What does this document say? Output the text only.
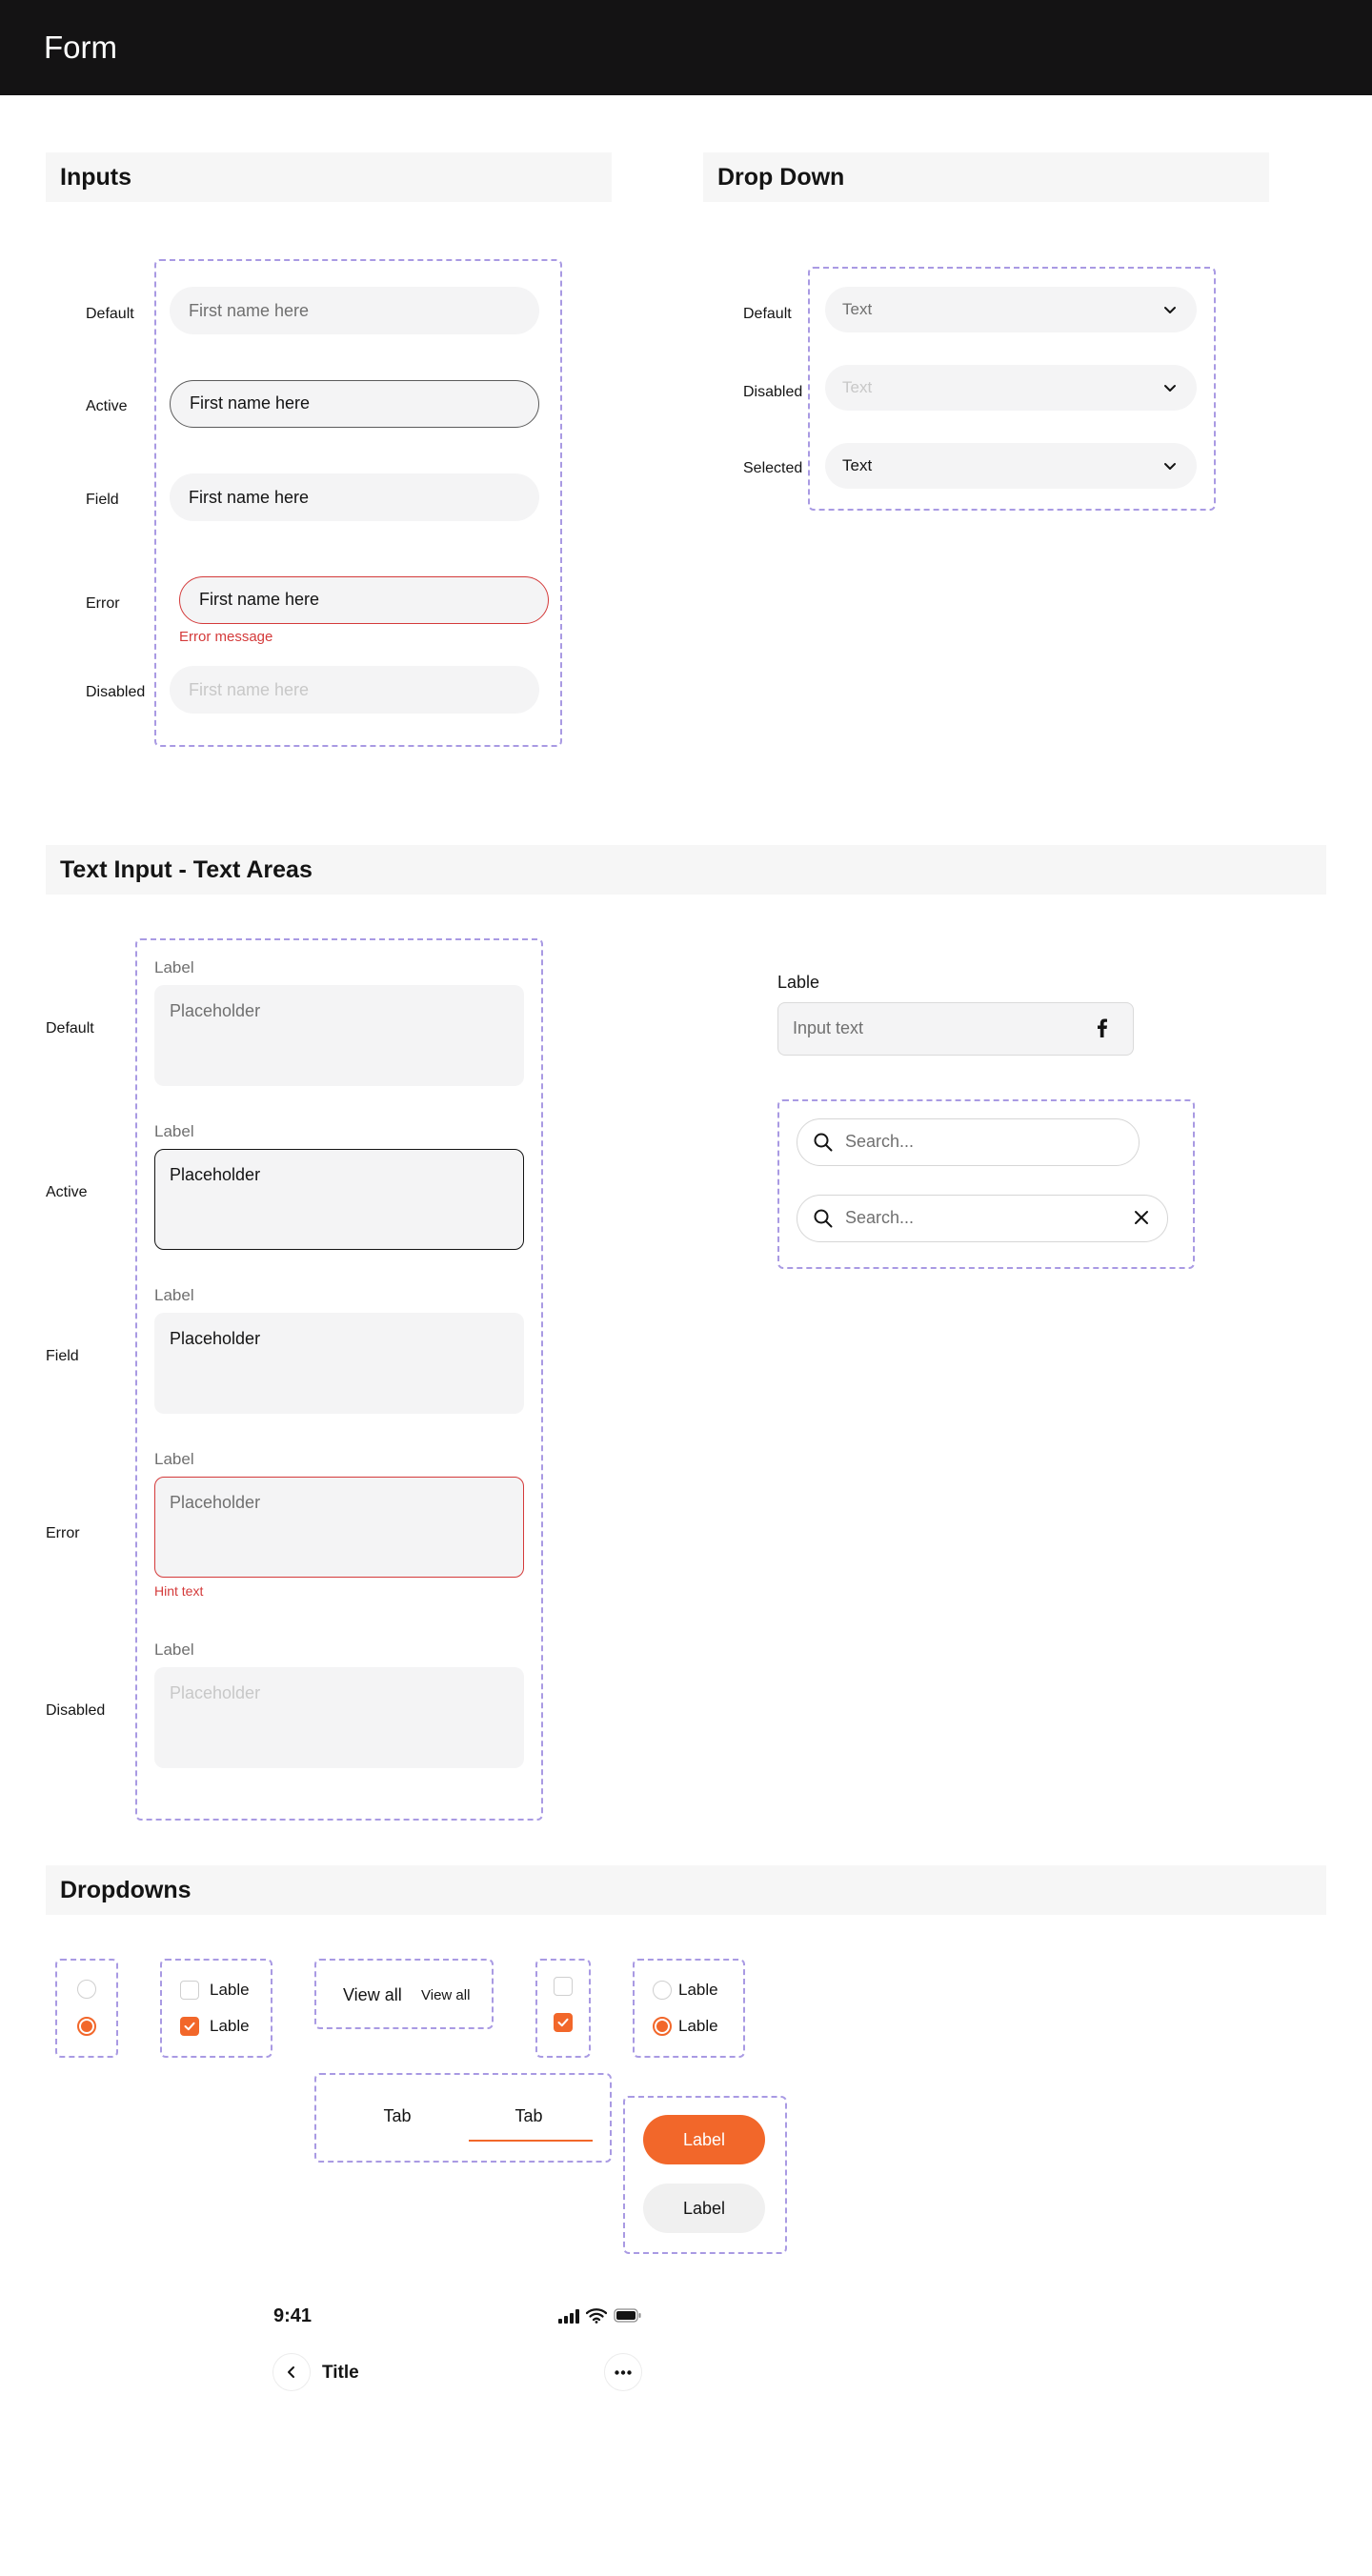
Form
Inputs
Default	First name here
Active	First name here
Field	First name here
Error	First name here
Error message
Disabled	First name here
Drop Down
Default	Text
Disabled	Text
Selected	Text
Text Input - Text Areas
Default
Label
Placeholder
Active
Label
Placeholder
Field
Label
Placeholder
Error
Label
Placeholder
Hint text
Disabled
Label
Placeholder
Lable
Input text
Search...
Search...
Dropdowns
Lable
Lable
View all View all	Lable
Lable
Tab	Tab
Label
Label
9:41
Title
